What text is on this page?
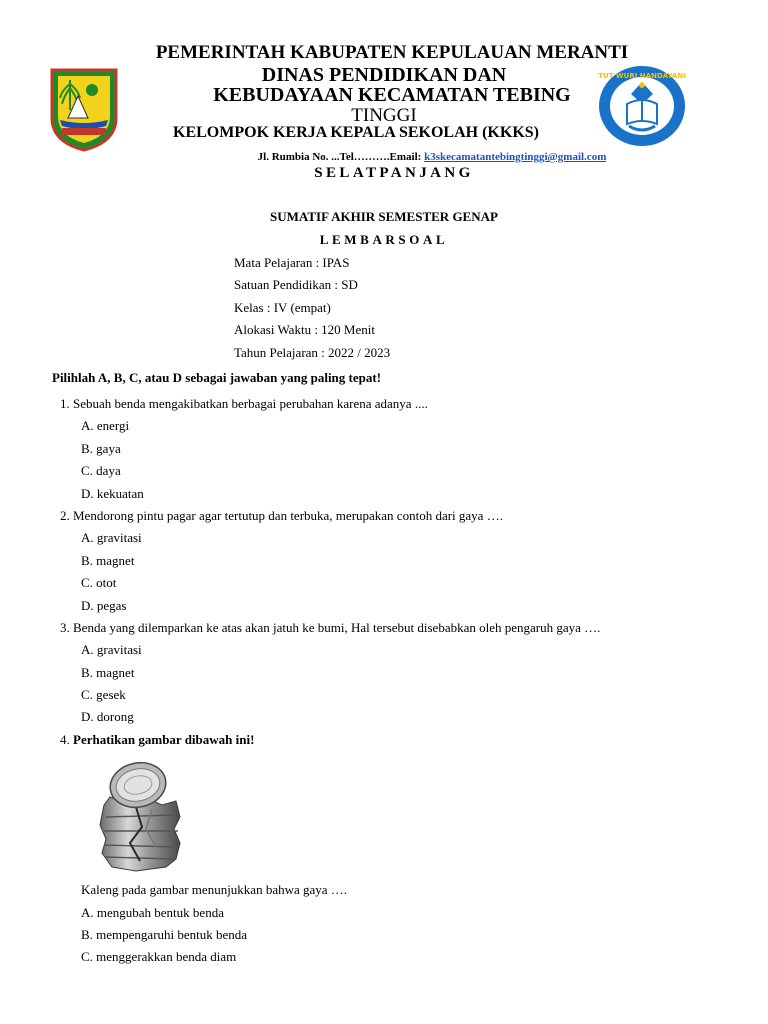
TUT WURI HANDAYANI
PEMERINTAH KABUPATEN KEPULAUAN MERANTI
DINAS PENDIDIKAN DAN
KEBUDAYAAN KECAMATAN TEBING
TINGGI
KELOMPOK KERJA KEPALA SEKOLAH (KKKS)
Jl. Rumbia No. ...Tel……….Email: k3skecamatantebingtinggi@gmail.com
SELATPANJANG
SUMATIF AKHIR SEMESTER GENAP
LEMBARSOAL
Mata Pelajaran : IPAS
Satuan Pendidikan : SD
Kelas : IV (empat)
Alokasi Waktu : 120 Menit
Tahun Pelajaran : 2022 / 2023
Pilihlah A, B, C, atau D sebagai jawaban yang paling tepat!
1. Sebuah benda mengakibatkan berbagai perubahan karena adanya ....
A. energi
B. gaya
C. daya
D. kekuatan
2. Mendorong pintu pagar agar tertutup dan terbuka, merupakan contoh dari gaya ….
A. gravitasi
B. magnet
C. otot
D. pegas
3. Benda yang dilemparkan ke atas akan jatuh ke bumi, Hal tersebut disebabkan oleh pengaruh gaya ….
A. gravitasi
B. magnet
C. gesek
D. dorong
4. Perhatikan gambar dibawah ini!
Kaleng pada gambar menunjukkan bahwa gaya ….
A. mengubah bentuk benda
B. mempengaruhi bentuk benda
C. menggerakkan benda diam
